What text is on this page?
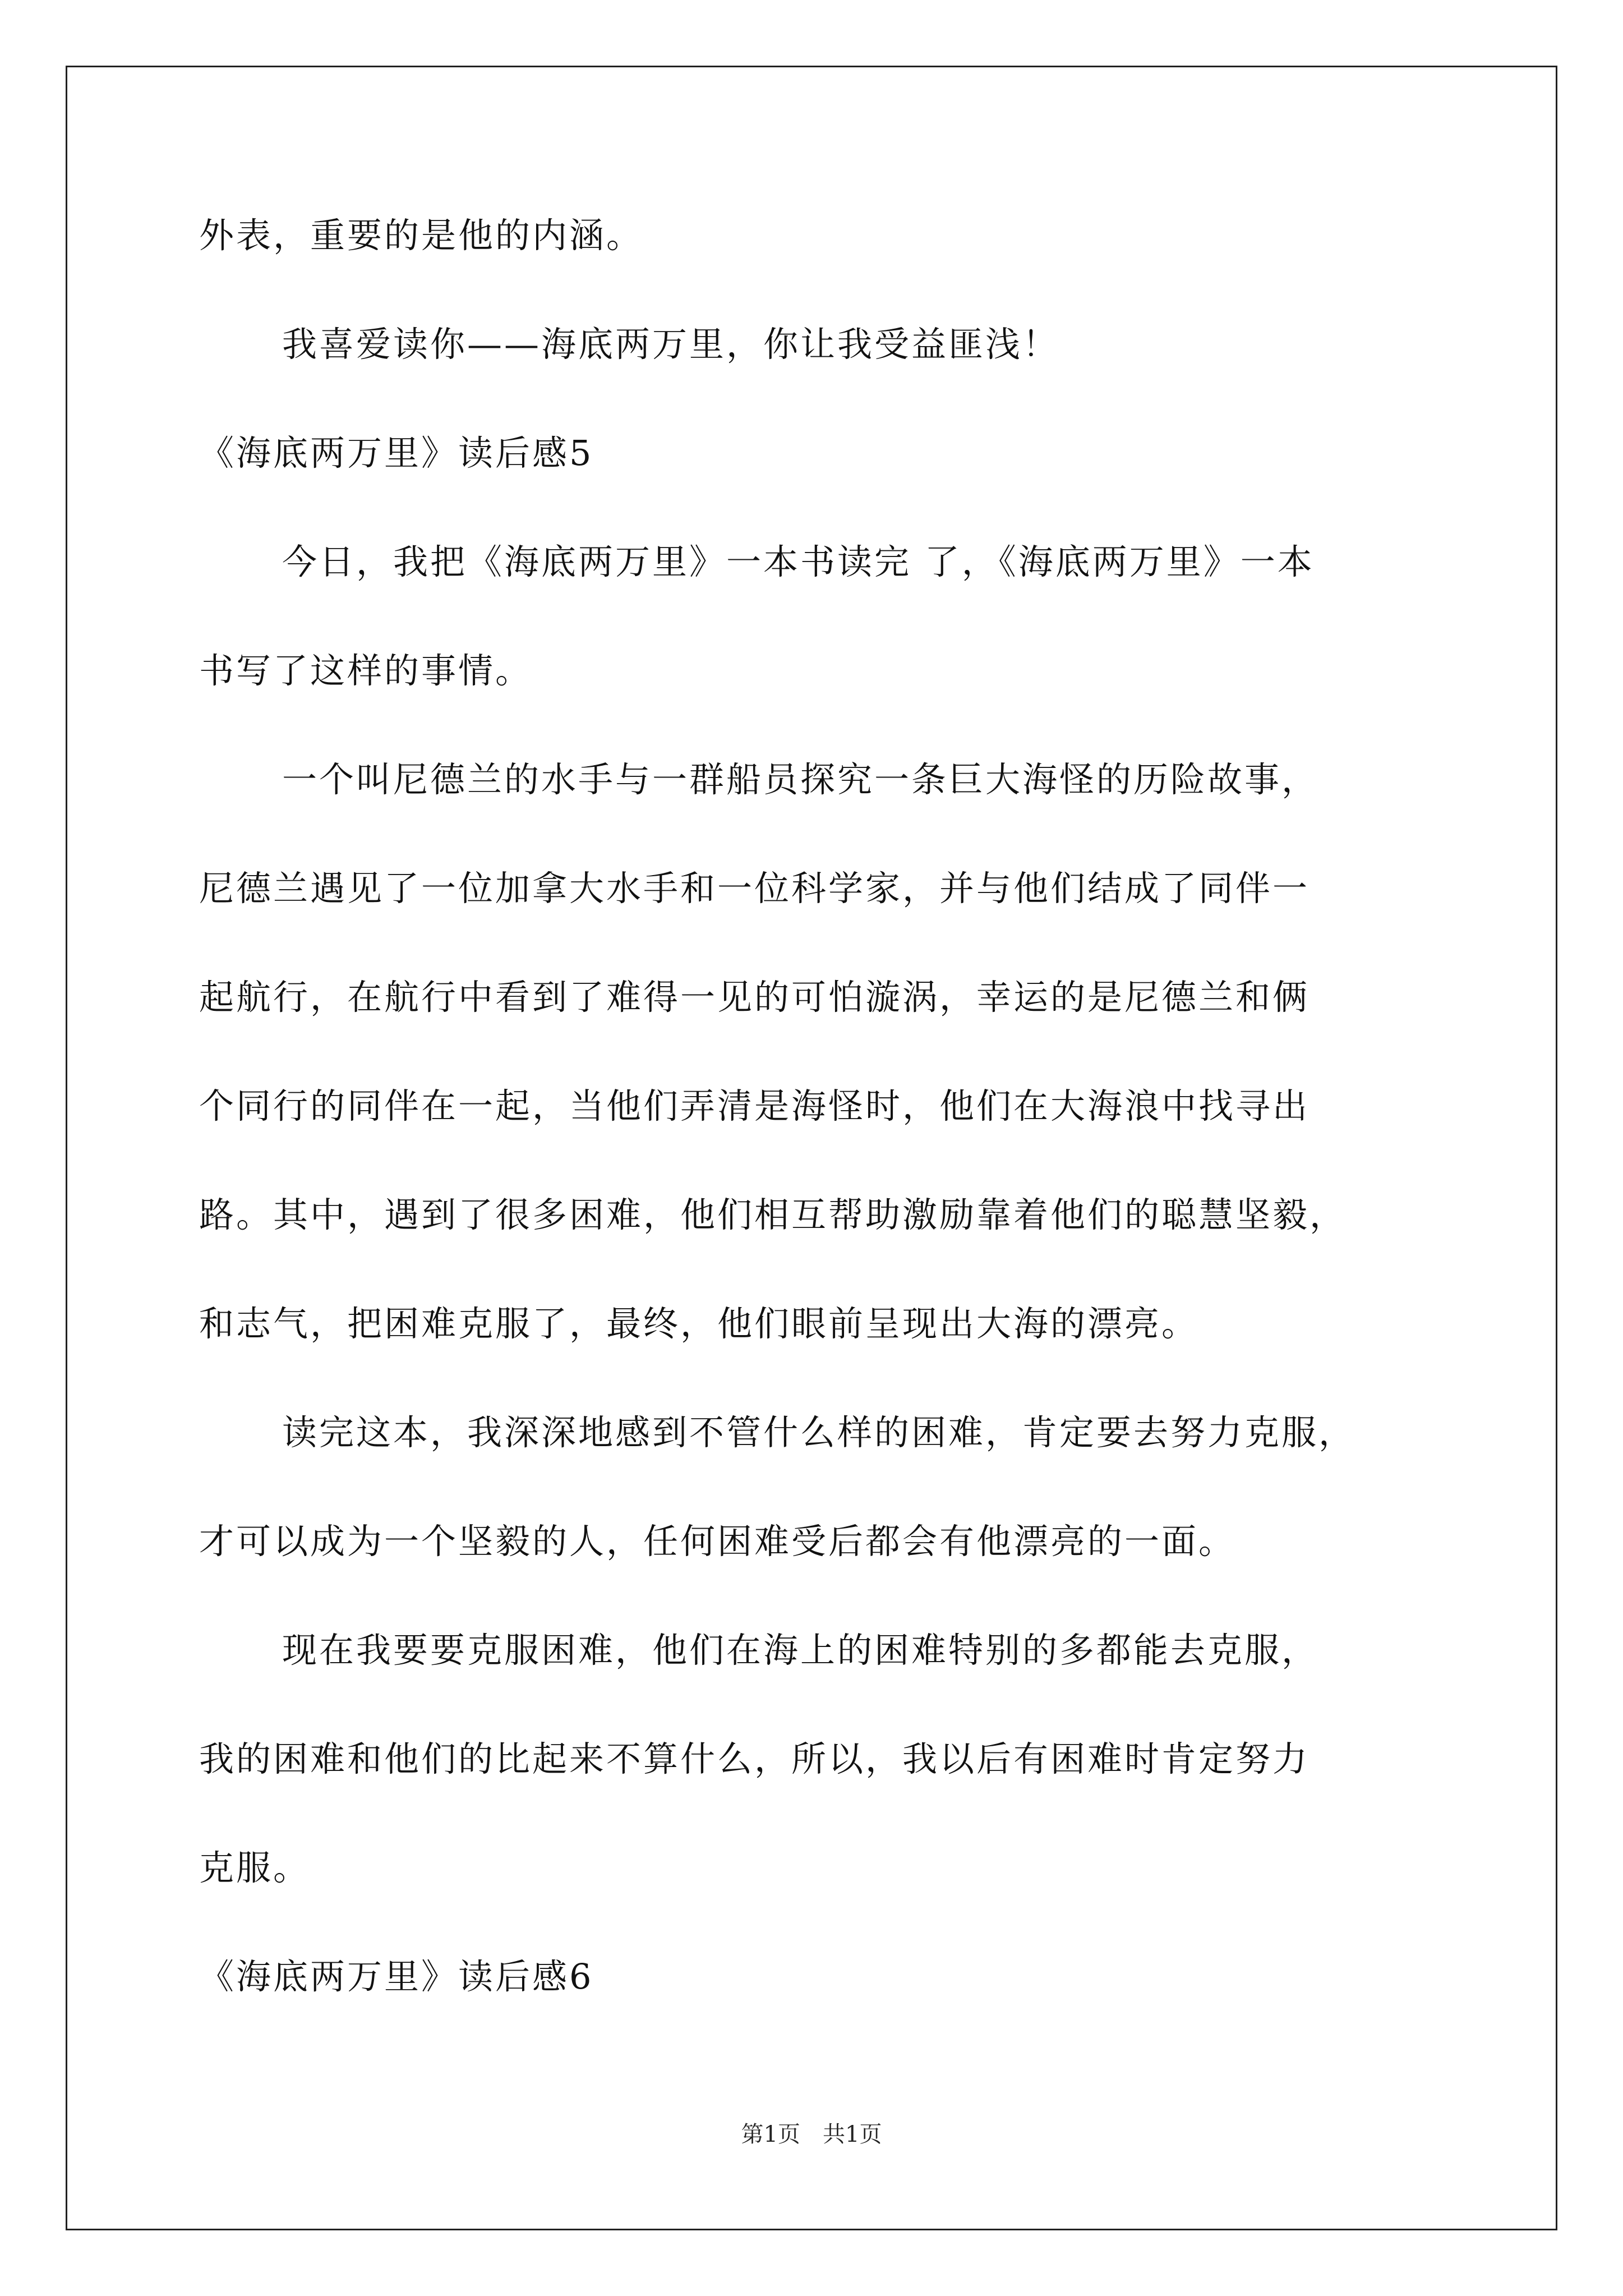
外表，重要的是他的内涵。
我喜爱读你——海底两万里，你让我受益匪浅！
《海底两万里》读后感5
今日，我把《海底两万里》一本书读完 了，《海底两万里》一本
书写了这样的事情。
一个叫尼德兰的水手与一群船员探究一条巨大海怪的历险故事，
尼德兰遇见了一位加拿大水手和一位科学家，并与他们结成了同伴一
起航行，在航行中看到了难得一见的可怕漩涡，幸运的是尼德兰和俩
个同行的同伴在一起，当他们弄清是海怪时，他们在大海浪中找寻出
路。其中，遇到了很多困难，他们相互帮助激励靠着他们的聪慧坚毅，
和志气，把困难克服了，最终，他们眼前呈现出大海的漂亮。
读完这本，我深深地感到不管什么样的困难，肯定要去努力克服，
才可以成为一个坚毅的人，任何困难受后都会有他漂亮的一面。
现在我要要克服困难，他们在海上的困难特别的多都能去克服，
我的困难和他们的比起来不算什么，所以，我以后有困难时肯定努力
克服。
《海底两万里》读后感6
第1页　共1页
